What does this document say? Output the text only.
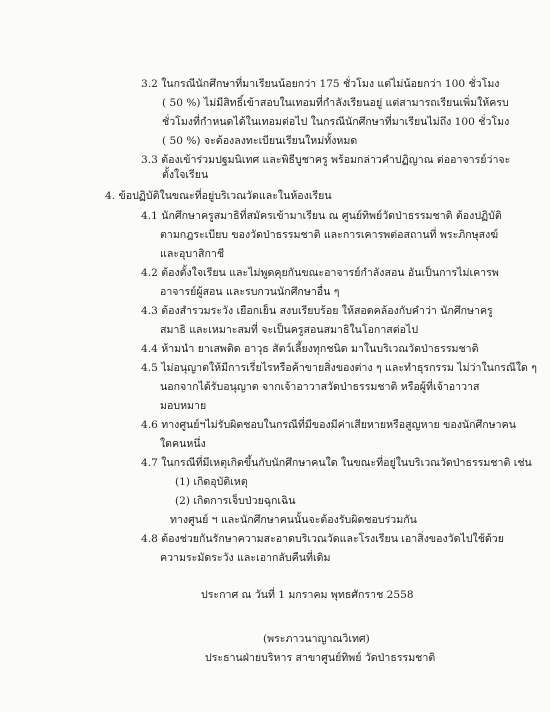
3.2 ในกรณีนักศึกษาที่มาเรียนน้อยกว่า 175 ชั่วโมง แต่ไม่น้อยกว่า 100 ชั่วโมง
( 50 %) ไม่มีสิทธิ์เข้าสอบในเทอมที่กำลังเรียนอยู่ แต่สามารถเรียนเพิ่มให้ครบ
ชั่วโมงที่กำหนดได้ในเทอมต่อไป ในกรณีนักศึกษาที่มาเรียนไม่ถึง 100 ชั่วโมง
( 50 %) จะต้องลงทะเบียนเรียนใหม่ทั้งหมด
3.3 ต้องเข้าร่วมปฐมนิเทศ และพิธีบูชาครู พร้อมกล่าวคำปฏิญาณ ต่ออาจารย์ว่าจะ
ตั้งใจเรียน
4. ข้อปฏิบัติในขณะที่อยู่บริเวณวัดและในห้องเรียน
4.1 นักศึกษาครูสมาธิที่สมัครเข้ามาเรียน ณ ศูนย์ทิพย์วัดป่าธรรมชาติ ต้องปฏิบัติ
ตามกฎระเบียบ ของวัดป่าธรรมชาติ และการเคารพต่อสถานที่ พระภิกษุสงฆ์
และอุบาสิกาชี
4.2 ต้องตั้งใจเรียน และไม่พูดคุยกันขณะอาจารย์กำลังสอน อันเป็นการไม่เคารพ
อาจารย์ผู้สอน และรบกวนนักศึกษาอื่น ๆ
4.3 ต้องสำรวมระวัง เยือกเย็น สงบเรียบร้อย ให้สอดคล้องกับคำว่า นักศึกษาครู
สมาธิ และเหมาะสมที่ จะเป็นครูสอนสมาธิในโอกาสต่อไป
4.4 ห้ามนำ ยาเสพติด อาวุธ สัตว์เลี้ยงทุกชนิด มาในบริเวณวัดป่าธรรมชาติ
4.5 ไม่อนุญาตให้มีการเรี่ยไรหรือค้าขายสิ่งของต่าง ๆ และทำธุรกรรม ไม่ว่าในกรณีใด ๆ
นอกจากได้รับอนุญาต จากเจ้าอาวาสวัดป่าธรรมชาติ หรือผู้ที่เจ้าอาวาส
มอบหมาย
4.6 ทางศูนย์ฯไม่รับผิดชอบในกรณีที่มีของมีค่าเสียหายหรือสูญหาย ของนักศึกษาคน
ใดคนหนึ่ง
4.7 ในกรณีที่มีเหตุเกิดขึ้นกับนักศึกษาคนใด ในขณะที่อยู่ในบริเวณวัดป่าธรรมชาติ เช่น
(1) เกิดอุบัติเหตุ
(2) เกิดการเจ็บป่วยฉุกเฉิน
ทางศูนย์ ฯ และนักศึกษาคนนั้นจะต้องรับผิดชอบร่วมกัน
4.8 ต้องช่วยกันรักษาความสะอาดบริเวณวัดและโรงเรียน เอาสิ่งของวัดไปใช้ด้วย
ความระมัดระวัง และเอากลับคืนที่เดิม
ประกาศ ณ วันที่ 1 มกราคม พุทธศักราช 2558
(พระภาวนาญาณวิเทศ)
ประธานฝ่ายบริหาร สาขาศูนย์ทิพย์ วัดป่าธรรมชาติ
